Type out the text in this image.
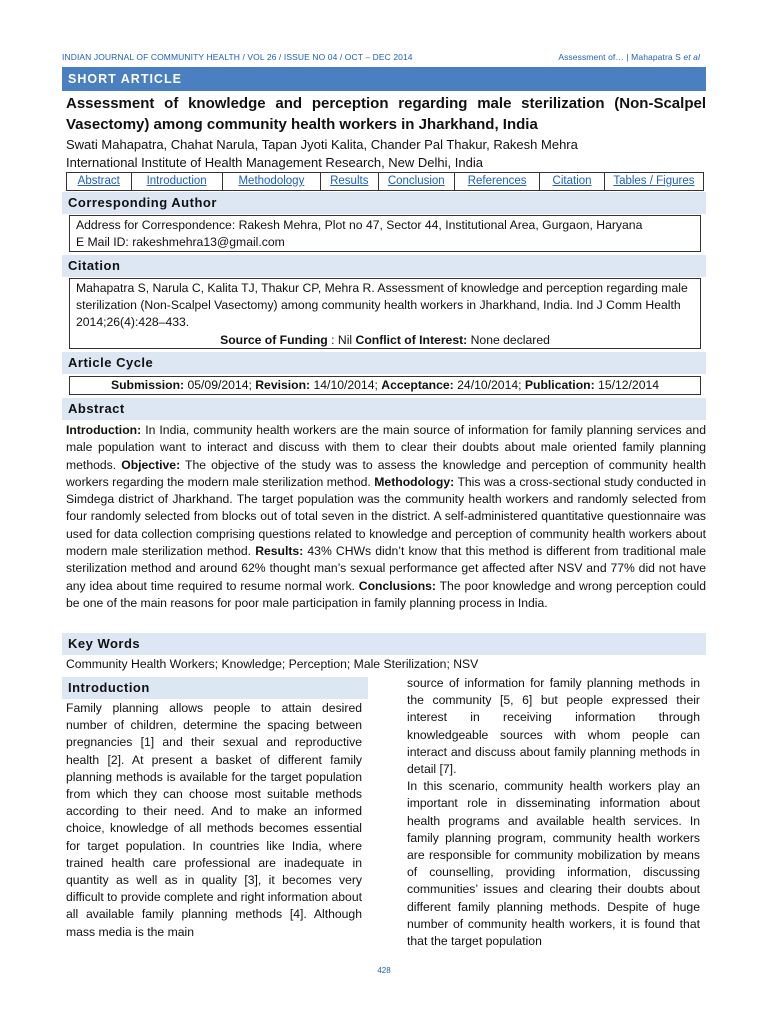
INDIAN JOURNAL OF COMMUNITY HEALTH / VOL 26 / ISSUE NO 04 / OCT – DEC 2014	Assessment of… | Mahapatra S et al
SHORT ARTICLE
Assessment of knowledge and perception regarding male sterilization (Non-Scalpel Vasectomy) among community health workers in Jharkhand, India
Swati Mahapatra, Chahat Narula, Tapan Jyoti Kalita, Chander Pal Thakur, Rakesh Mehra
International Institute of Health Management Research, New Delhi, India
Abstract	Introduction	Methodology	Results	Conclusion	References	Citation	Tables / Figures
Corresponding Author
Address for Correspondence: Rakesh Mehra, Plot no 47, Sector 44, Institutional Area, Gurgaon, Haryana
E Mail ID: rakeshmehra13@gmail.com
Citation
Mahapatra S, Narula C, Kalita TJ, Thakur CP, Mehra R. Assessment of knowledge and perception regarding male sterilization (Non-Scalpel Vasectomy) among community health workers in Jharkhand, India. Ind J Comm Health 2014;26(4):428–433.
Source of Funding : Nil Conflict of Interest: None declared
Article Cycle
Submission: 05/09/2014; Revision: 14/10/2014; Acceptance: 24/10/2014; Publication: 15/12/2014
Abstract
Introduction: In India, community health workers are the main source of information for family planning services and male population want to interact and discuss with them to clear their doubts about male oriented family planning methods. Objective: The objective of the study was to assess the knowledge and perception of community health workers regarding the modern male sterilization method. Methodology: This was a cross-sectional study conducted in Simdega district of Jharkhand. The target population was the community health workers and randomly selected from four randomly selected from blocks out of total seven in the district. A self-administered quantitative questionnaire was used for data collection comprising questions related to knowledge and perception of community health workers about modern male sterilization method. Results: 43% CHWs didn’t know that this method is different from traditional male sterilization method and around 62% thought man’s sexual performance get affected after NSV and 77% did not have any idea about time required to resume normal work. Conclusions: The poor knowledge and wrong perception could be one of the main reasons for poor male participation in family planning process in India.
Key Words
Community Health Workers; Knowledge; Perception; Male Sterilization; NSV
Introduction

Family planning allows people to attain desired number of children, determine the spacing between pregnancies [1] and their sexual and reproductive health [2]. At present a basket of different family planning methods is available for the target population from which they can choose most suitable methods according to their need. And to make an informed choice, knowledge of all methods becomes essential for target population. In countries like India, where trained health care professional are inadequate in quantity as well as in quality [3], it becomes very difficult to provide complete and right information about all available family planning methods [4]. Although mass media is the main

source of information for family planning methods in the community [5, 6] but people expressed their interest in receiving information through knowledgeable sources with whom people can interact and discuss about family planning methods in detail [7].

In this scenario, community health workers play an important role in disseminating information about health programs and available health services. In family planning program, community health workers are responsible for community mobilization by means of counselling, providing information, discussing communities’ issues and clearing their doubts about different family planning methods. Despite of huge number of community health workers, it is found that that the target population

428
